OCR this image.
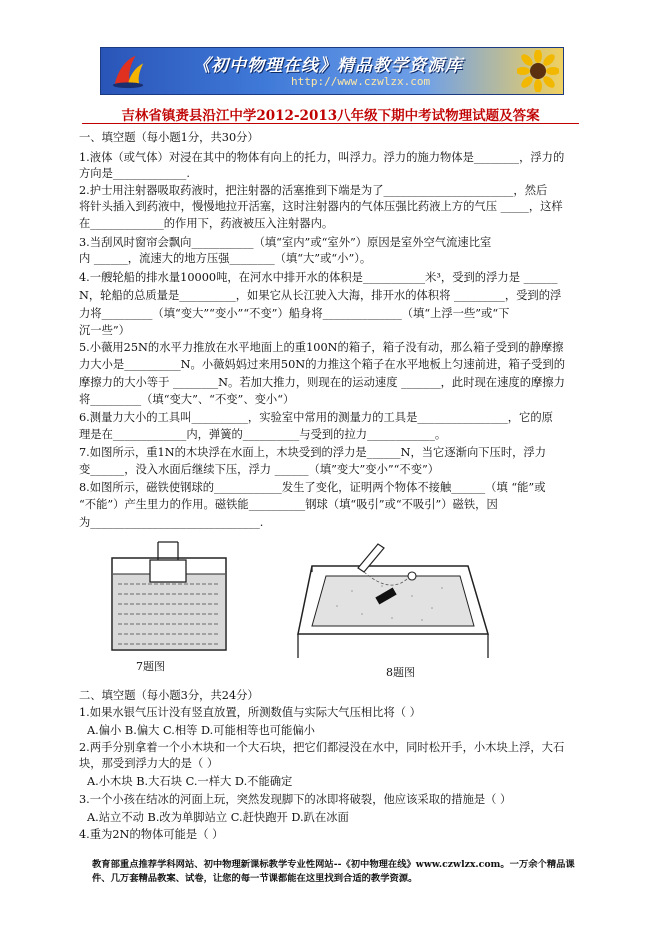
《初中物理在线》精品教学资源库
http://www.czwlzx.com
吉林省镇赉县沿江中学2012-2013八年级下期中考试物理试题及答案
一、填空题（每小题1分，共30分）
1.液体（或气体）对浸在其中的物体有向上的托力，叫浮力。浮力的施力物体是________，浮力的
方向是_____________.
2.护士用注射器吸取药液时，把注射器的活塞推到下端是为了_______________________，然后
将针头插入到药液中，慢慢地拉开活塞，这时注射器内的气体压强比药液上方的气压 _____，这样
在_____________的作用下，药液被压入注射器内。
3.当刮风时窗帘会飘向___________（填“室内”或“室外”）原因是室外空气流速比室
内 ______，流速大的地方压强________（填“大”或“小”）。
4.一艘轮船的排水量10000吨，在河水中排开水的体积是___________米³，受到的浮力是 ______
N，轮船的总质量是__________，如果它从长江驶入大海，排开水的体积将 _________，受到的浮
力将_________（填“变大”“变小”“不变”）船身将______________（填“上浮一些”或“下
沉一些”）
5.小薇用25N的水平力推放在水平地面上的重100N的箱子，箱子没有动，那么箱子受到的静摩擦
力大小是__________N。小薇妈妈过来用50N的力推这个箱子在水平地板上匀速前进，箱子受到的
摩擦力的大小等于 ________N。若加大推力，则现在的运动速度 _______，此时现在速度的摩擦力
将_________（填“变大”、“不变”、变小“）
6.测量力大小的工具叫__________，实验室中常用的测量力的工具是________________，它的原
理是在_____________内，弹簧的__________与受到的拉力____________。
7.如图所示，重1N的木块浮在水面上，木块受到的浮力是______N，当它逐渐向下压时，浮力
变______，没入水面后继续下压，浮力 ______（填”变大”变小”“不变”）
8.如图所示，磁铁使钢球的____________发生了变化，证明两个物体不接触______（填 “能”或
“不能”）产生里力的作用。磁铁能__________钢球（填“吸引”或“不吸引”）磁铁，因
为______________________________.
7题图	8题图
二、填空题（每小题3分，共24分）
1.如果水银气压计没有竖直放置，所测数值与实际大气压相比将（ ）
A.偏小 B.偏大 C.相等 D.可能相等也可能偏小
2.两手分别拿着一个小木块和一个大石块，把它们都浸没在水中，同时松开手，小木块上浮，大石
块，那受到浮力大的是（ ）
A.小木块 B.大石块 C.一样大 D.不能确定
3.一个小孩在结冰的河面上玩，突然发现脚下的冰即将破裂，他应该采取的措施是（ ）
A.站立不动 B.改为单脚站立 C.赶快跑开 D.趴在冰面
4.重为2N的物体可能是（ ）
教育部重点推荐学科网站、初中物理新课标教学专业性网站--《初中物理在线》www.czwlzx.com。一万余个精品课
件、几万套精品教案、试卷，让您的每一节课都能在这里找到合适的教学资源。
